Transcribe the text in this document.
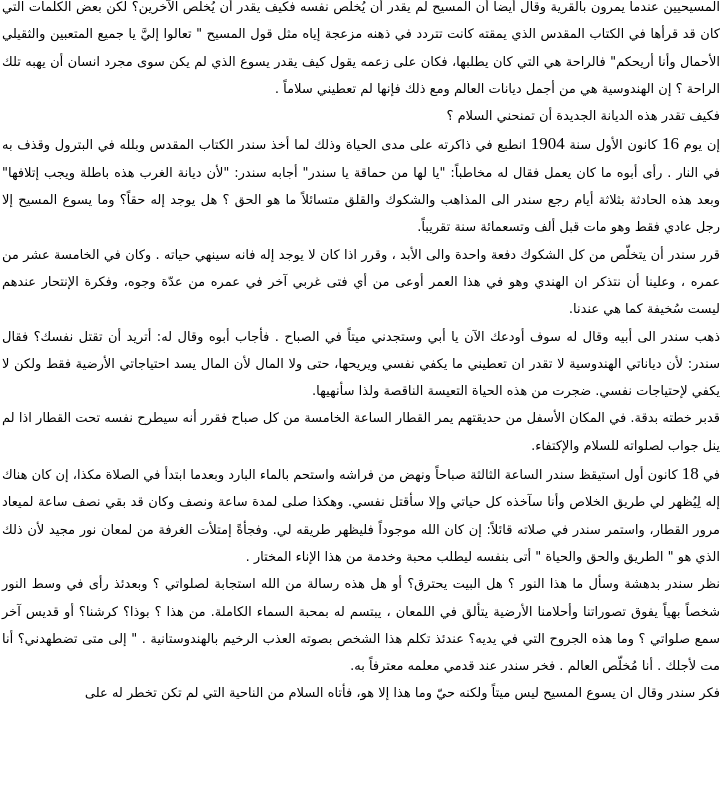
المسيحيين عندما يمرون بالقرية وقال أيضا أن المسيح لم يقدر أن يُخلّص نفسه فكيف يقدر أن يُخلّص الآخرين؟ لكن بعض الكلمات التي كان قد قرأها في الكتاب المقدس الذي يمقته كانت تتردد في ذهنه مزعجة إياه مثل قول المسيح " تعالوا إليَّ يا جميع المتعبين والثقيلي الأحمال وأنا أريحكم" فالراحة هي التي كان يطلبها، فكان على زعمه يقول كيف يقدر يسوع الذي لم يكن سوى مجرد انسان أن يهبه تلك الراحة ؟ إن الهندوسية هي من أجمل ديانات العالم ومع ذلك فإنها لم تعطيني سلاماً .

فكيف تقدر هذه الديانة الجديدة أن تمنحني السلام ؟

إن يوم 16 كانون الأول سنة 1904 انطبع في ذاكرته على مدى الحياة وذلك لما أخذ سندر الكتاب المقدس وبلله في البترول وقذف به في النار . رأى أبوه ما كان يعمل فقال له مخاطباً: "يا لها من حماقة يا سندر" أجابه سندر: "لأن ديانة الغرب هذه باطلة ويجب إتلافها" وبعد هذه الحادثة بثلاثة أيام رجع سندر الى المذاهب والشكوك والقلق متسائلاً ما هو الحق ؟ هل يوجد إله حقاً؟ وما يسوع المسيح إلا رجل عادي فقط وهو مات قبل ألف وتسعمائة سنة تقريباً.

قرر سندر أن يتخلّص من كل الشكوك دفعة واحدة والى الأبد ، وقرر اذا كان لا يوجد إله فانه سينهي حياته . وكان في الخامسة عشر من عمره ، وعلينا أن نتذكر ان الهندي وهو في هذا العمر أوعى من أي فتى غربي آخر في عمره من عدّة وجوه، وفكرة الإنتحار عندهم ليست سُخيفة كما هي عندنا.

ذهب سندر الى أبيه وقال له سوف أودعك الآن يا أبي وستجدني ميتاً في الصباح . فأجاب أبوه وقال له: أتريد أن تقتل نفسك؟ فقال سندر: لأن دياناتي الهندوسية لا تقدر ان تعطيني ما يكفي نفسي ويريحها، حتى ولا المال لأن المال يسد احتياجاتي الأرضية فقط ولكن لا يكفي لإحتياجات نفسي. ضجرت من هذه الحياة التعيسة الناقصة ولذا سأنهيها.

قدبر خطته بدقة. في المكان الأسفل من حديقتهم يمر القطار الساعة الخامسة من كل صباح فقرر أنه سيطرح نفسه تحت القطار اذا لم ينل جواب لصلواته للسلام والإكتفاء.

في 18 كانون أول استيقظ سندر الساعة الثالثة صباحاً ونهض من فراشه واستحم بالماء البارد وبعدما ابتدأ في الصلاة مكذا، إن كان هناك إله لِيُظهر لي طريق الخلاص وأنا سآخذه كل حياتي وإلا سأقتل نفسي. وهكذا صلى لمدة ساعة ونصف وكان قد بقي نصف ساعة لميعاد مرور القطار، واستمر سندر في صلاته قائلاً: إن كان الله موجوداً فليظهر طريقه لي. وفجأةً إمتلأت الغرفة من لمعان نور مجيد لأن ذلك الذي هو " الطريق والحق والحياة " أتى بنفسه ليطلب محبة وخدمة من هذا الإناء المختار .

نظر سندر بدهشة وسأل ما هذا النور ؟ هل البيت يحترق؟ أو هل هذه رسالة من الله استجابة لصلواتي ؟ وبعدئذ رأى في وسط النور شخصاً بهياً يفوق تصوراتنا وأحلامنا الأرضية يتألق في اللمعان ، يبتسم له بمحبة السماء الكاملة. من هذا ؟ بوذا؟ كرشنا؟ أو قديس آخر سمع صلواتي ؟ وما هذه الجروح التي في يديه؟ عندئذ تكلم هذا الشخص بصوته العذب الرخيم بالهندوستانية . " إلى متى تضطهدني؟ أنا مت لأجلك . أنا مُخلّص العالم . فخر سندر عند قدمي معلمه معترفاً به.

فكر سندر وقال ان يسوع المسيح ليس ميتاً ولكنه حيّ وما هذا إلا هو، فأتاه السلام من الناحية التي لم تكن تخطر له على
